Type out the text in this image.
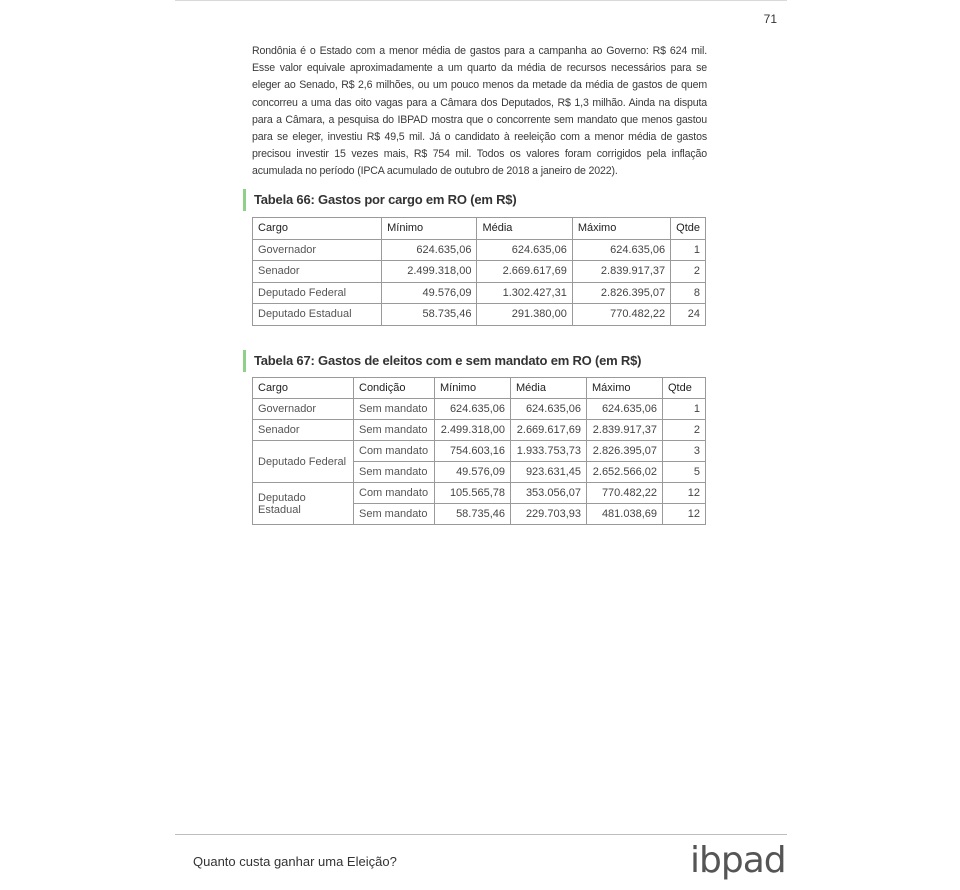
71

Rondônia é o Estado com a menor média de gastos para a campanha ao Governo: R$ 624 mil. Esse valor equivale aproximadamente a um quarto da média de recursos necessários para se eleger ao Senado, R$ 2,6 milhões, ou um pouco menos da metade da média de gastos de quem concorreu a uma das oito vagas para a Câmara dos Deputados, R$ 1,3 milhão. Ainda na disputa para a Câmara, a pesquisa do IBPAD mostra que o concorrente sem mandato que menos gastou para se eleger, investiu R$ 49,5 mil. Já o candidato à reeleição com a menor média de gastos precisou investir 15 vezes mais, R$ 754 mil. Todos os valores foram corrigidos pela inflação acumulada no período (IPCA acumulado de outubro de 2018 a janeiro de 2022).

Tabela 66: Gastos por cargo em RO (em R$)
Cargo	Mínimo	Média	Máximo	Qtde
Governador	624.635,06	624.635,06	624.635,06	1
Senador	2.499.318,00	2.669.617,69	2.839.917,37	2
Deputado Federal	49.576,09	1.302.427,31	2.826.395,07	8
Deputado Estadual	58.735,46	291.380,00	770.482,22	24
Tabela 67: Gastos de eleitos com e sem mandato em RO (em R$)
Cargo	Condição	Mínimo	Média	Máximo	Qtde
Governador	Sem mandato	624.635,06	624.635,06	624.635,06	1
Senador	Sem mandato	2.499.318,00	2.669.617,69	2.839.917,37	2
Deputado Federal	Com mandato	754.603,16	1.933.753,73	2.826.395,07	3
	Sem mandato	49.576,09	923.631,45	2.652.566,02	5
Deputado Estadual	Com mandato	105.565,78	353.056,07	770.482,22	12
	Sem mandato	58.735,46	229.703,93	481.038,69	12
Quanto custa ganhar uma Eleição?	ibpad
